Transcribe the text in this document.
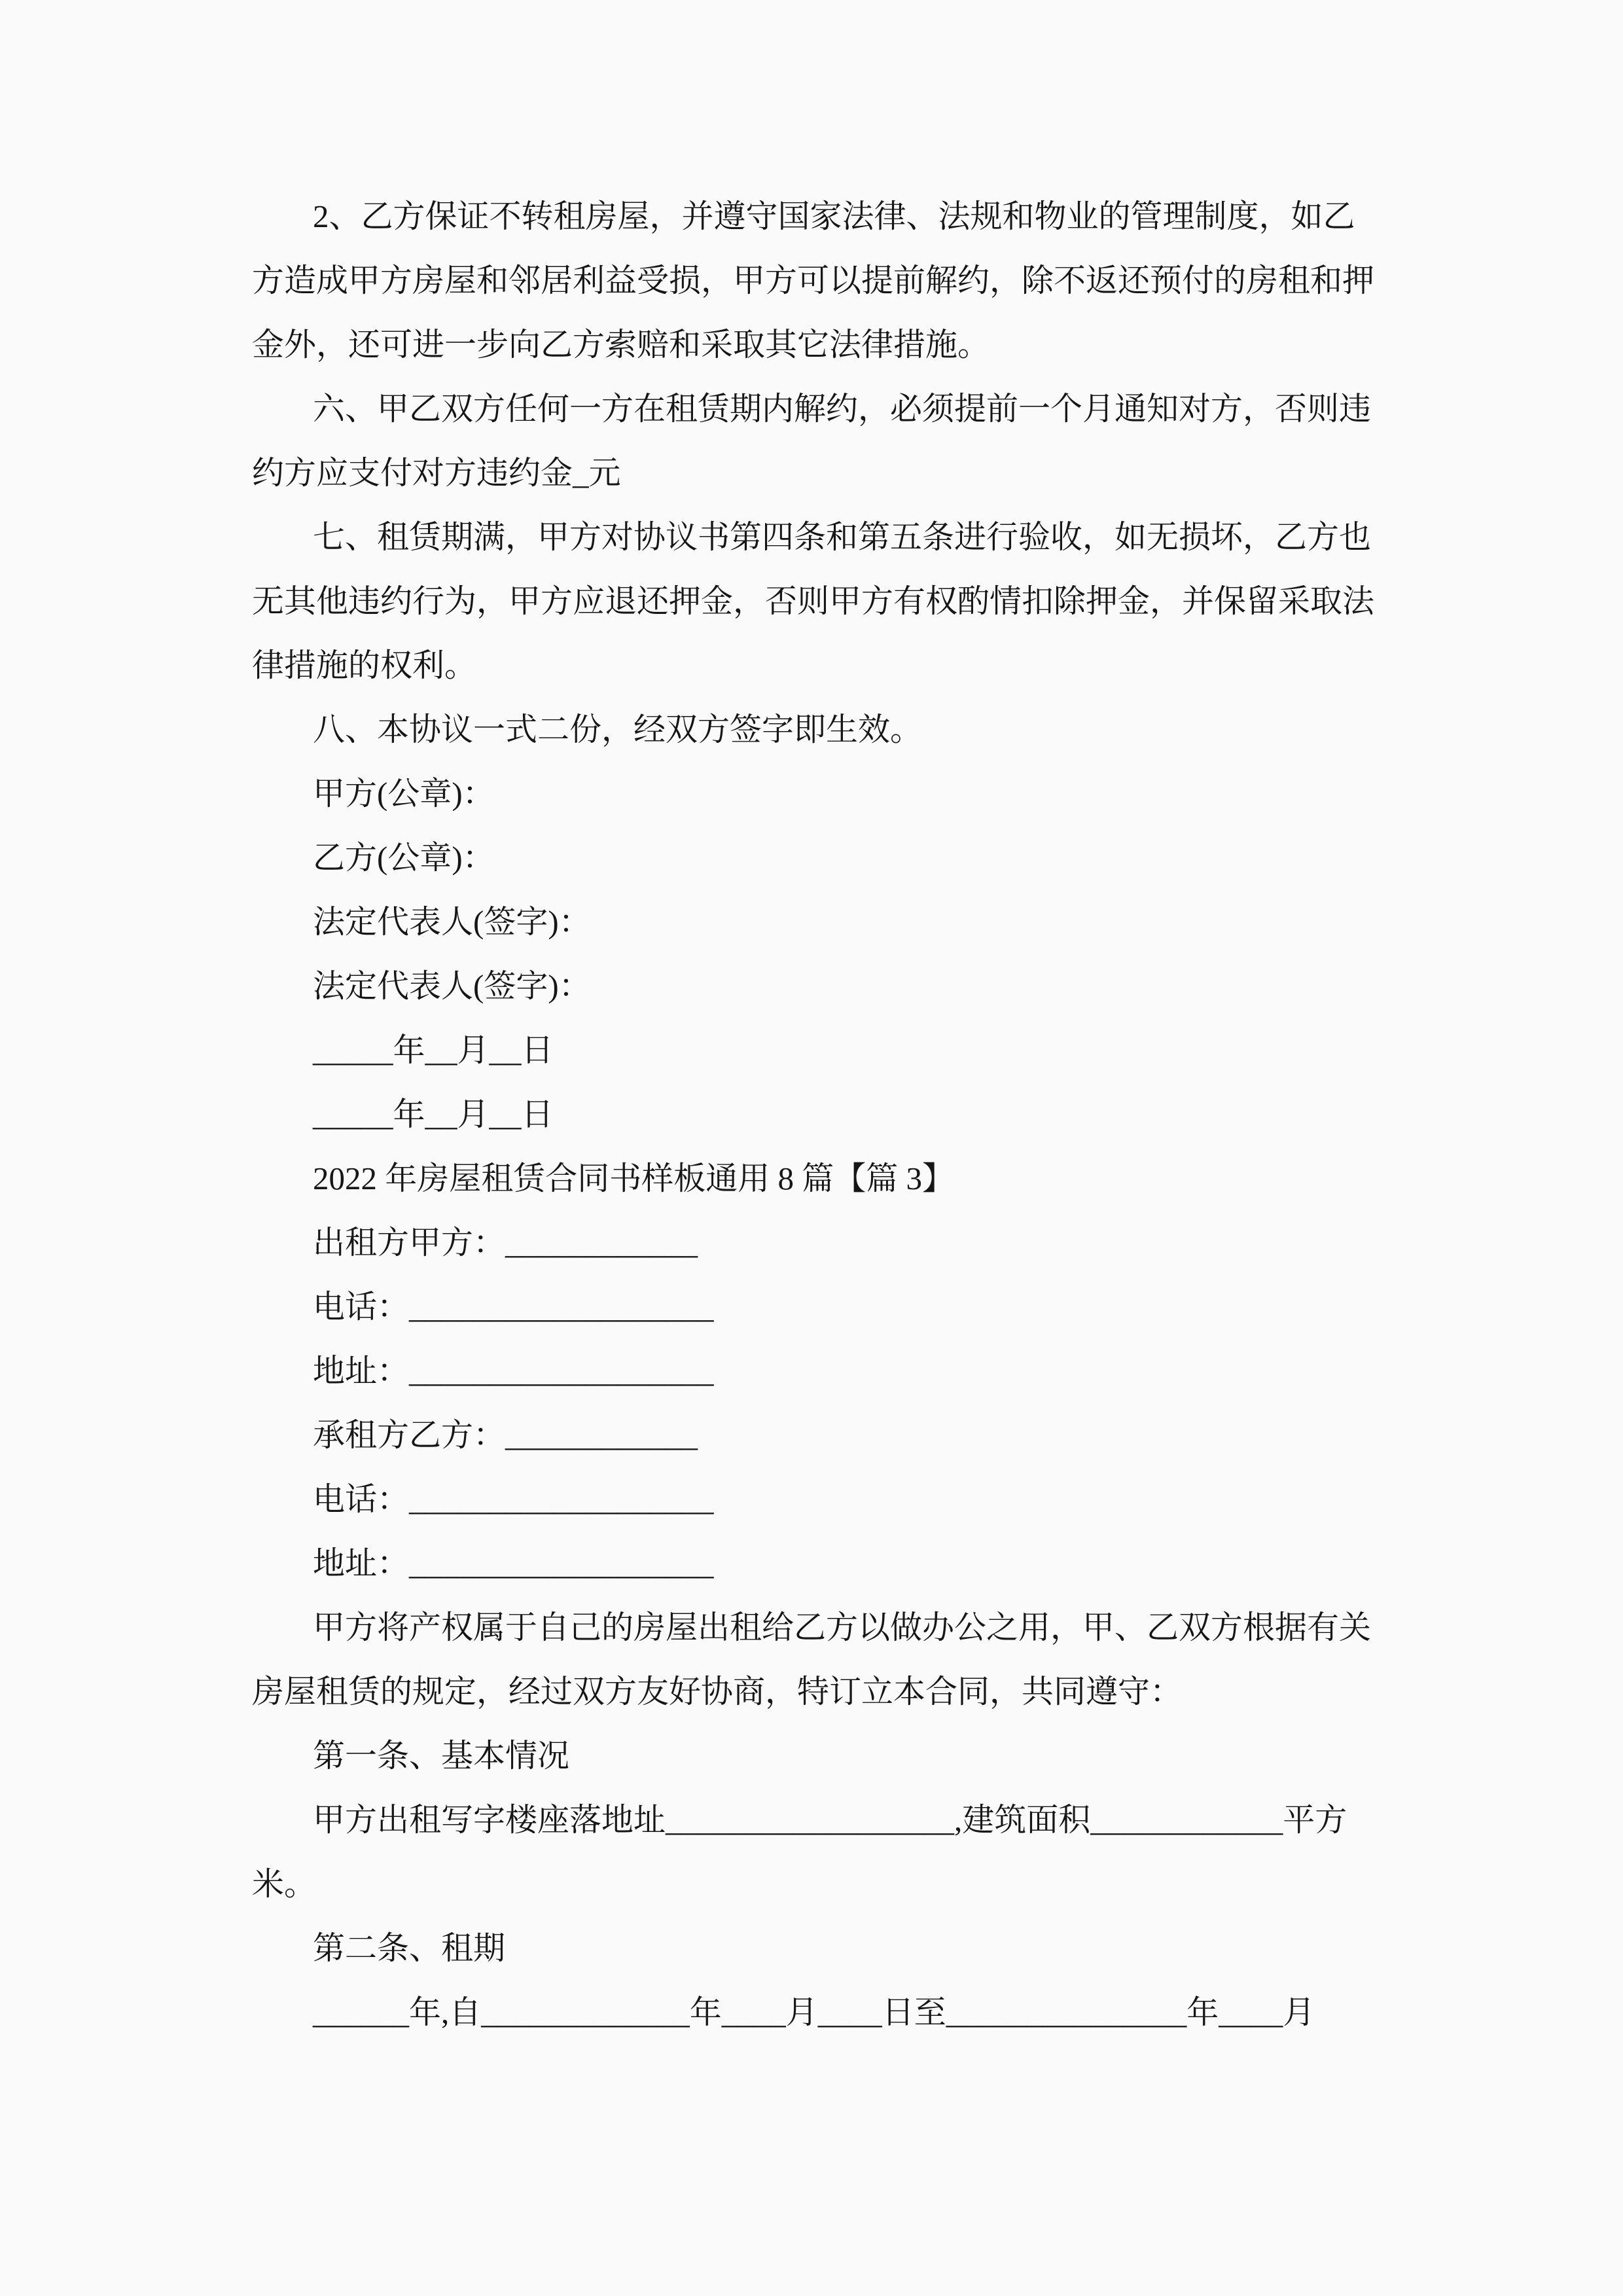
2、乙方保证不转租房屋，并遵守国家法律、法规和物业的管理制度，如乙
方造成甲方房屋和邻居利益受损，甲方可以提前解约，除不返还预付的房租和押
金外，还可进一步向乙方索赔和采取其它法律措施。
六、甲乙双方任何一方在租赁期内解约，必须提前一个月通知对方，否则违
约方应支付对方违约金_元
七、租赁期满，甲方对协议书第四条和第五条进行验收，如无损坏，乙方也
无其他违约行为，甲方应退还押金，否则甲方有权酌情扣除押金，并保留采取法
律措施的权利。
八、本协议一式二份，经双方签字即生效。
甲方(公章)：
乙方(公章)：
法定代表人(签字)：
法定代表人(签字)：
_____年__月__日
_____年__月__日
2022 年房屋租赁合同书样板通用 8 篇【篇 3】
出租方甲方：____________
电话：___________________
地址：___________________
承租方乙方：____________
电话：___________________
地址：___________________
甲方将产权属于自己的房屋出租给乙方以做办公之用，甲、乙双方根据有关
房屋租赁的规定，经过双方友好协商，特订立本合同，共同遵守：
第一条、基本情况
甲方出租写字楼座落地址__________________,建筑面积____________平方
米。
第二条、租期
______年,自_____________年____月____日至_______________年____月
